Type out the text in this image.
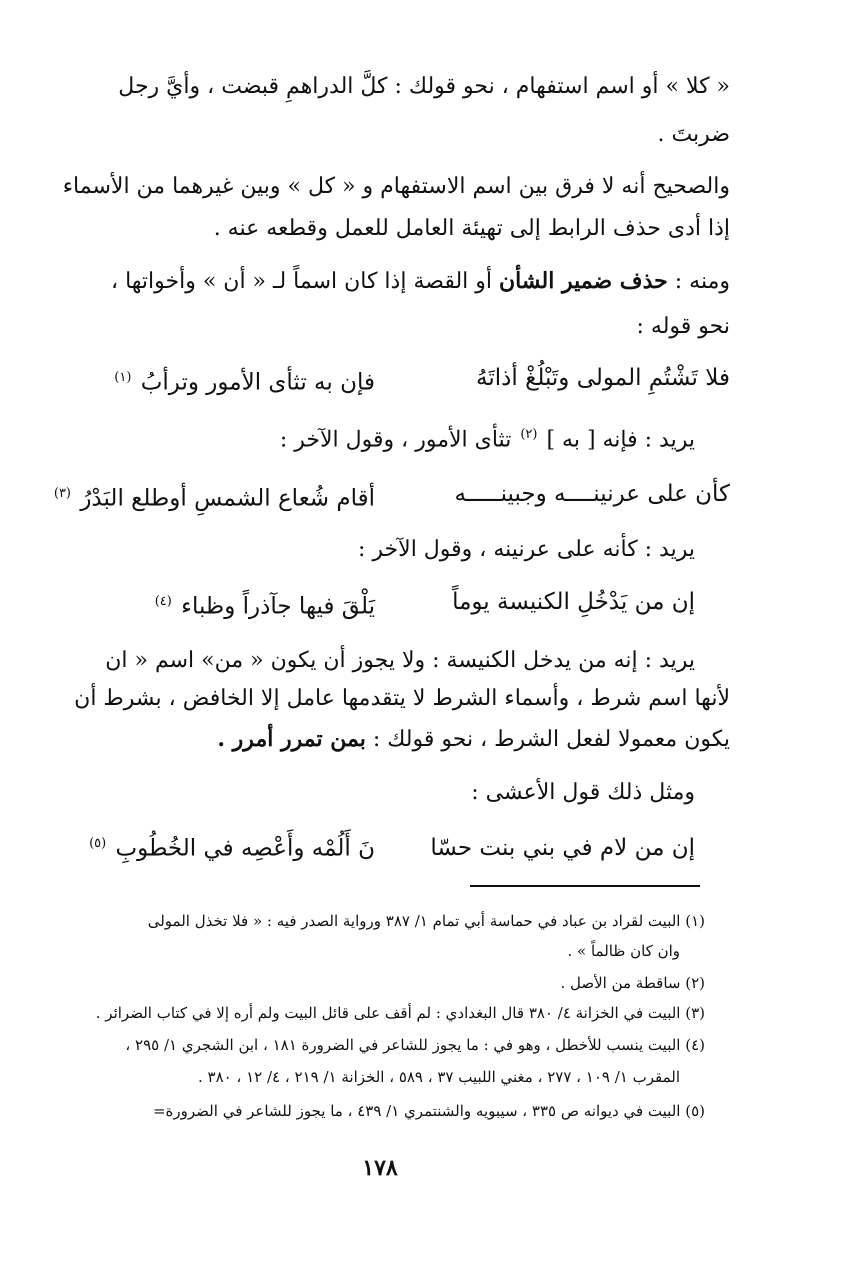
« كلا » أو اسم استفهام ، نحو قولك : كلَّ الدراهمِ قبضت ، وأيَّ رجل
ضربتَ .
والصحيح أنه لا فرق بين اسم الاستفهام و « كل » وبين غيرهما من الأسماء
إذا أدى حذف الرابط إلى تهيئة العامل للعمل وقطعه عنه .
ومنه : حذف ضمير الشأن أو القصة إذا كان اسماً لـ « أن » وأخواتها ،
نحو قوله :
فلا تَشْتُمِ المولى وتَبْلُغْ أذاتَهُ
فإن به تثأى الأمور وترأبُ $^{(١)}$
يريد : فإنه [ به ] $^{(٢)}$ تثأى الأمور ، وقول الآخر :
كأن على عرنينــــه وجبينـــــه
أقام شُعاع الشمسِ أوطلع البَدْرُ $^{(٣)}$
يريد : كأنه على عرنينه ، وقول الآخر :
إن من يَدْخُلِ الكنيسة يوماً
يَلْقَ فيها جآذراً وظباء $^{(٤)}$
يريد : إنه من يدخل الكنيسة : ولا يجوز أن يكون « من» اسم « ان
لأنها اسم شرط ، وأسماء الشرط لا يتقدمها عامل إلا الخافض ، بشرط أن
يكون معمولا لفعل الشرط ، نحو قولك : بمن تمرر أمرر .
ومثل ذلك قول الأعشى :
إن من لام في بني بنت حسّا
نَ أَلُمْه وأَعْصِه في الخُطُوبِ $^{(٥)}$
(١) البيت لقراد بن عباد في حماسة أبي تمام ١/ ٣٨٧ ورواية الصدر فيه : « فلا تخذل المولى
وان كان ظالماً » .
(٢) ساقطة من الأصل .
(٣) البيت في الخزانة ٤/ ٣٨٠ قال البغدادي : لم أقف على قائل البيت ولم أره إلا في كتاب الضرائر .
(٤) البيت ينسب للأخطل ، وهو في : ما يجوز للشاعر في الضرورة ١٨١ ، ابن الشجري ١/ ٢٩٥ ،
المقرب ١/ ١٠٩ ، ٢٧٧ ، مغني اللبيب ٣٧ ، ٥٨٩ ، الخزانة ١/ ٢١٩ ، ٤/ ١٢ ، ٣٨٠ .
(٥) البيت في ديوانه ص ٣٣٥ ، سيبويه والشنتمري ١/ ٤٣٩ ، ما يجوز للشاعر في الضرورة=
١٧٨
